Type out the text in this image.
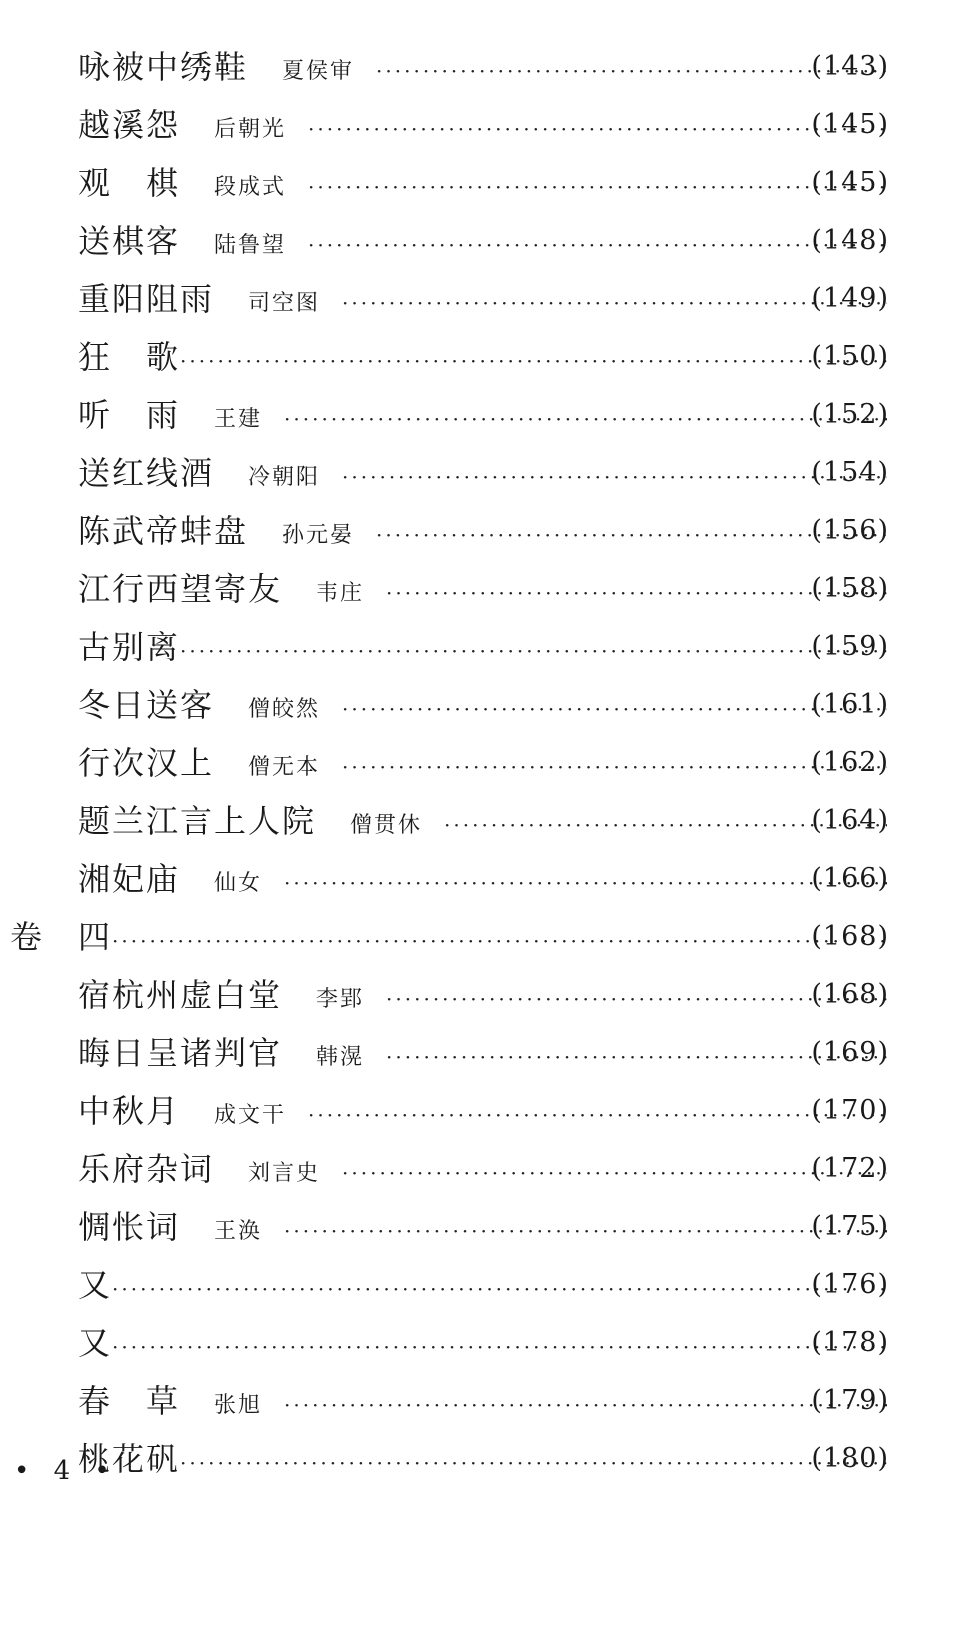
咏被中绣鞋 夏侯审 ·····	(143)
越溪怨 后朝光 ·····	(145)
观　棋 段成式 ·····	(145)
送棋客 陆鲁望 ·····	(148)
重阳阻雨 司空图 ·····	(149)
狂　歌 ·····	(150)
听　雨 王建 ·····	(152)
送红线酒 冷朝阳 ·····	(154)
陈武帝蚌盘 孙元晏 ·····	(156)
江行西望寄友 韦庄 ·····	(158)
古别离 ·····	(159)
冬日送客 僧皎然 ·····	(161)
行次汉上 僧无本 ·····	(162)
题兰江言上人院 僧贯休 ·····	(164)
湘妃庙 仙女 ·····	(166)
卷 四 ·····	(168)
宿杭州虚白堂 李郢 ·····	(168)
晦日呈诸判官 韩滉 ·····	(169)
中秋月 成文干 ·····	(170)
乐府杂词 刘言史 ·····	(172)
惆怅词 王涣 ·····	(175)
又 ·····	(176)
又 ·····	(178)
春　草 张旭 ·····	(179)
桃花矾 ·····	(180)
• 4 •
